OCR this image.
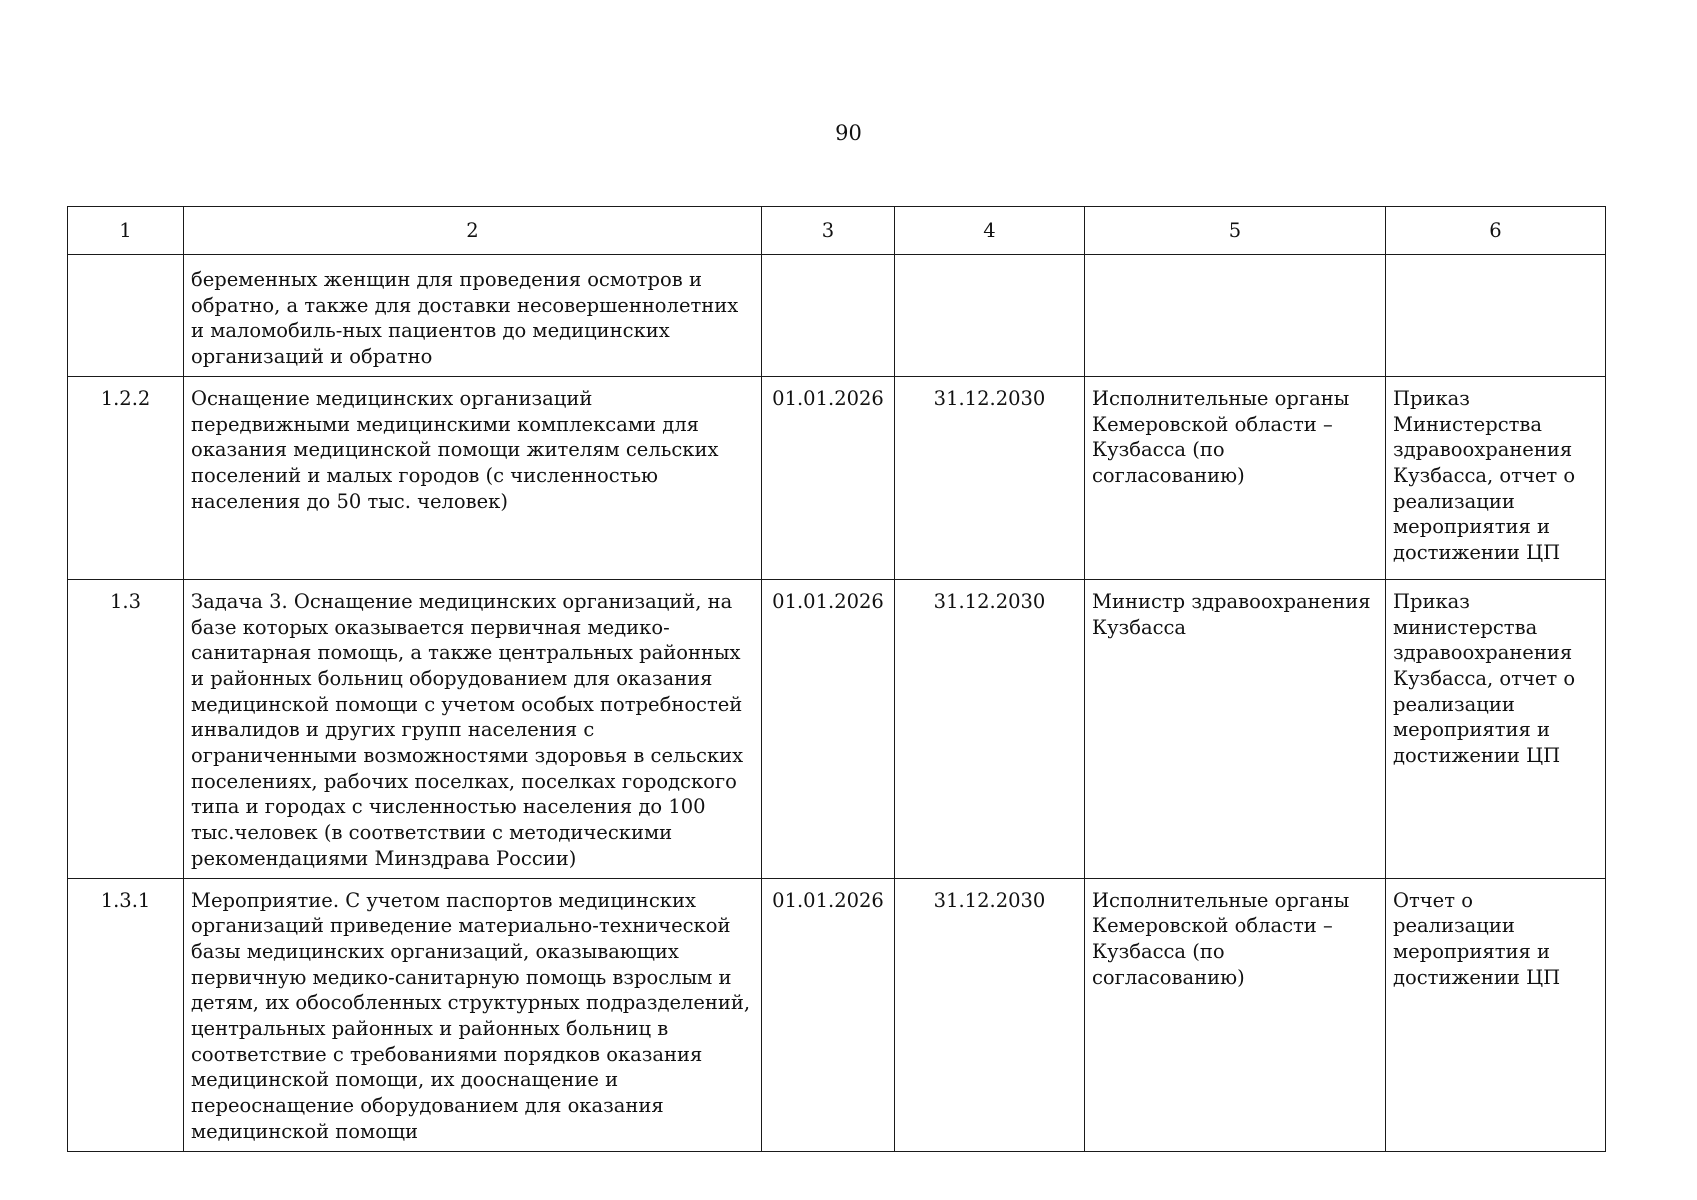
90
1	2	3	4	5	6
	беременных женщин для проведения осмотров и обратно, а также для доставки несовершеннолетних и маломобиль-ных пациентов до медицинских организаций и обратно				
1.2.2	Оснащение медицинских организаций передвижными медицинскими комплексами для оказания медицинской помощи жителям сельских поселений и малых городов (с численностью населения до 50 тыс. человек)	01.01.2026	31.12.2030	Исполнительные органы Кемеровской области – Кузбасса (по согласованию)	Приказ Министерства здравоохранения Кузбасса, отчет о реализации мероприятия и достижении ЦП
1.3	Задача 3. Оснащение медицинских организаций, на базе которых оказывается первичная медико-санитарная помощь, а также центральных районных и районных больниц оборудованием для оказания медицинской помощи с учетом особых потребностей инвалидов и других групп населения с ограниченными возможностями здоровья в сельских поселениях, рабочих поселках, поселках городского типа и городах с численностью населения до 100 тыс.человек (в соответствии с методическими рекомендациями Минздрава России)	01.01.2026	31.12.2030	Министр здравоохранения Кузбасса	Приказ министерства здравоохранения Кузбасса, отчет о реализации мероприятия и достижении ЦП
1.3.1	Мероприятие. С учетом паспортов медицинских организаций приведение материально-технической базы медицинских организаций, оказывающих первичную медико-санитарную помощь взрослым и детям, их обособленных структурных подразделений, центральных районных и районных больниц в соответствие с требованиями порядков оказания медицинской помощи, их дооснащение и переоснащение оборудованием для оказания медицинской помощи	01.01.2026	31.12.2030	Исполнительные органы Кемеровской области – Кузбасса (по согласованию)	Отчет о реализации мероприятия и достижении ЦП
